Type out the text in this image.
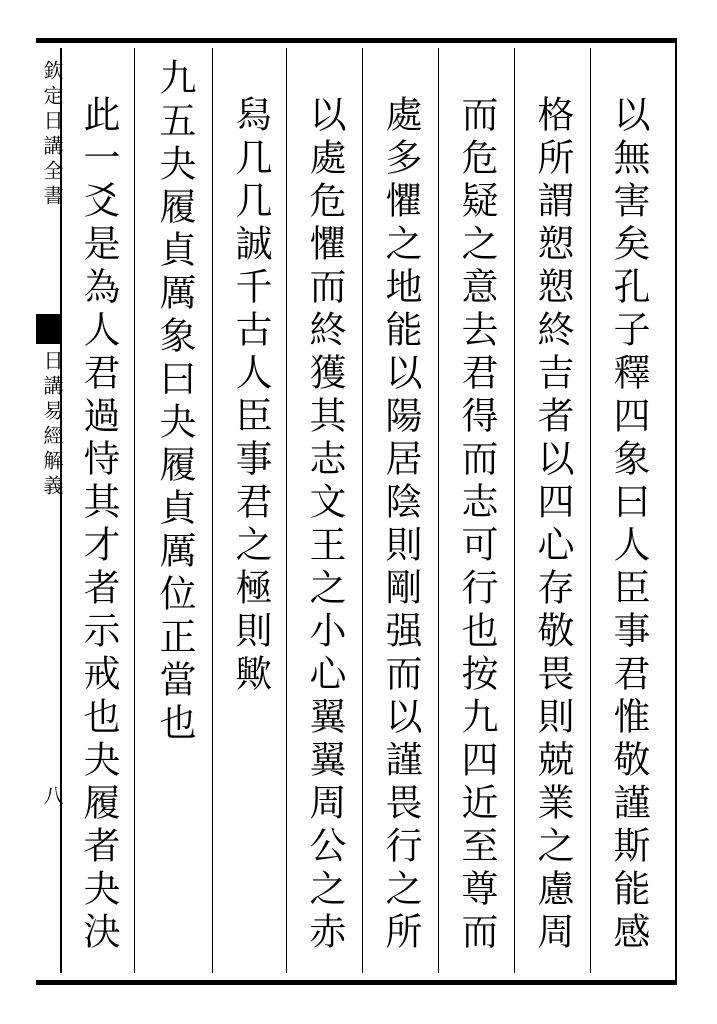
欽定日講全書
日講易經解義
八	以無害矣孔子釋四象曰人臣事君惟敬謹斯能感
格所謂愬愬終吉者以四心存敬畏則兢業之慮周
而危疑之意去君得而志可行也按九四近至尊而
處多懼之地能以陽居陰則剛强而以謹畏行之所
以處危懼而終獲其志文王之小心翼翼周公之赤
舄几几誠千古人臣事君之極則歟
九五夬履貞厲象曰夬履貞厲位正當也
此一爻是為人君過恃其才者示戒也夬履者夬決
